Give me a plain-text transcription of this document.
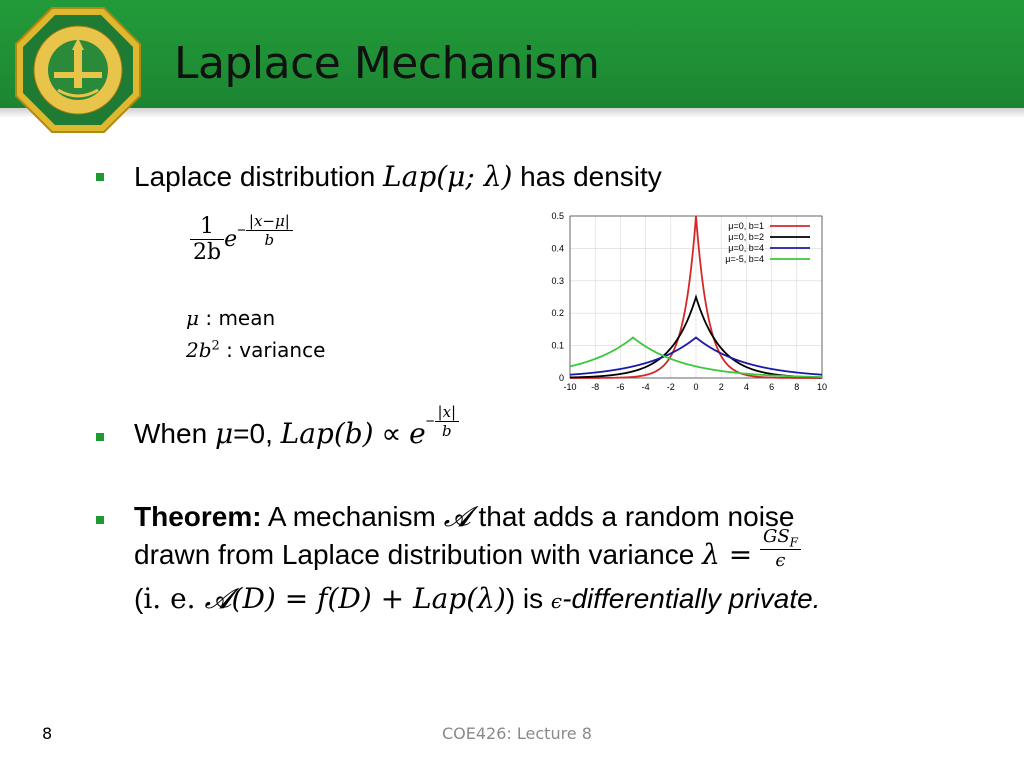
Laplace Mechanism
Laplace distribution Lap(μ; λ) has density
$\frac{1}{2b} e- \frac{|x-\mu|}{b}$
μ : mean
$2b^2$ : variance
0
0.1
0.2
0.3
0.4
0.5
-10 -8 -6 -4 -2 0 2 4 6 8 10
μ=0, b=1
μ=0, b=2
μ=0, b=4
μ=-5, b=4
When μ=0, $Lap(b) \propto e- \frac{|x|}{b}$
Theorem: A mechanism 𝓐 that adds a random noise
drawn from Laplace distribution with variance $\lambda = \frac{GS_F}{\epsilon}$
(i. e. 𝓐(D) = f(D) + Lap(λ)) is ϵ-differentially private.
8	COE426: Lecture 8
